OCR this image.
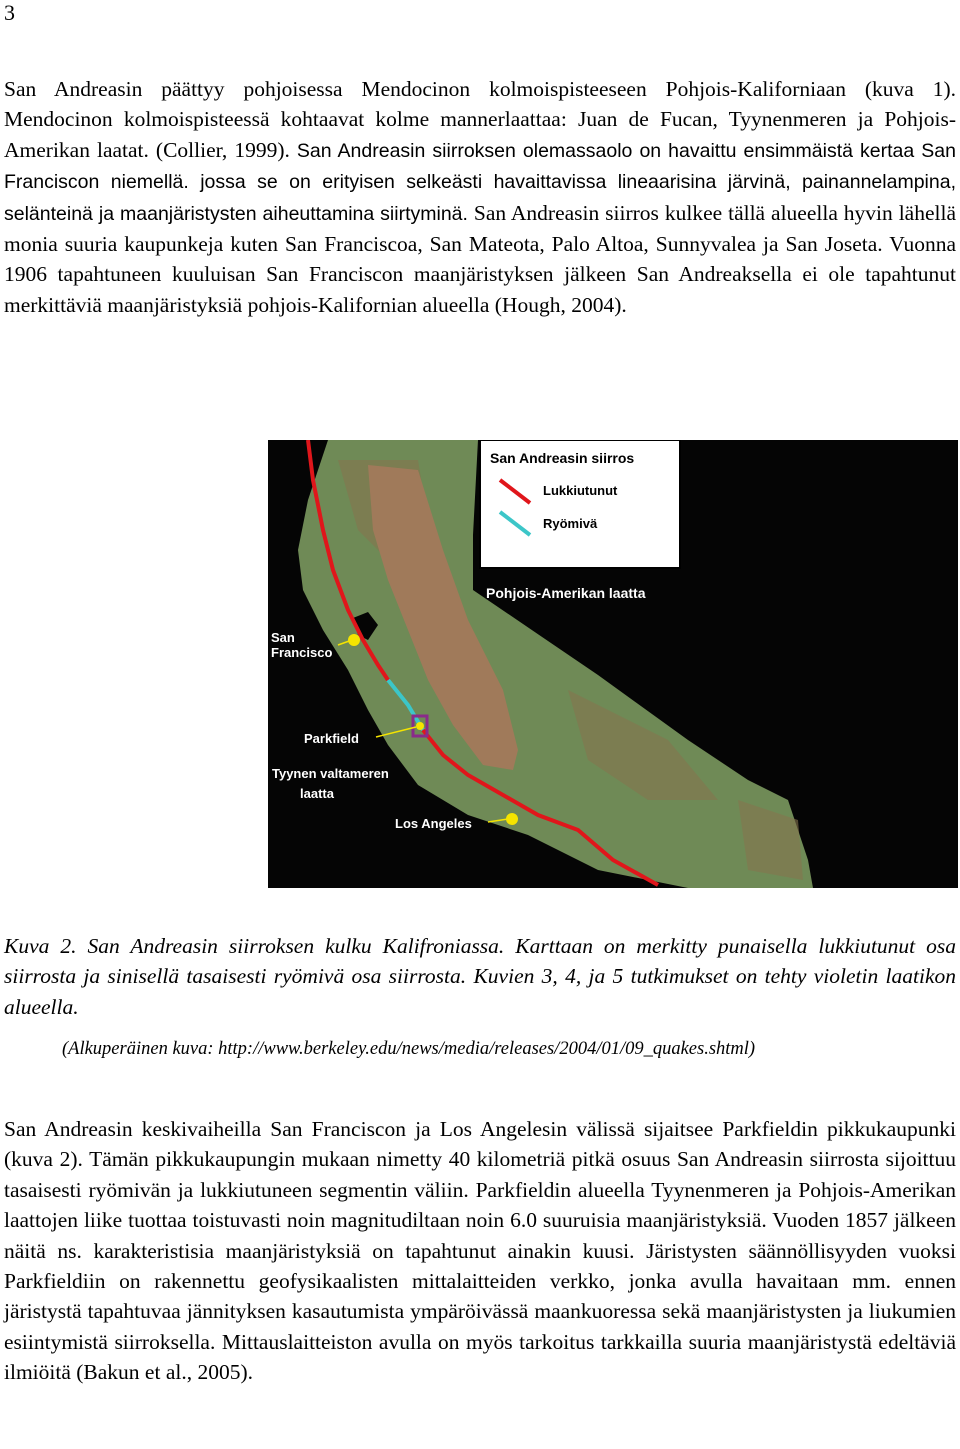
3

San Andreasin päättyy pohjoisessa Mendocinon kolmoispisteeseen Pohjois-Kaliforniaan (kuva 1). Mendocinon kolmoispisteessä kohtaavat kolme mannerlaattaa: Juan de Fucan, Tyynenmeren ja Pohjois-Amerikan laatat. (Collier, 1999). San Andreasin siirroksen olemassaolo on havaittu ensimmäistä kertaa San Franciscon niemellä. jossa se on erityisen selkeästi havaittavissa lineaarisina järvinä, painannelampina, selänteinä ja maanjäristysten aiheuttamina siirtyminä. San Andreasin siirros kulkee tällä alueella hyvin lähellä monia suuria kaupunkeja kuten San Franciscoa, San Mateota, Palo Altoa, Sunnyvalea ja San Joseta. Vuonna 1906 tapahtuneen kuuluisan San Franciscon maanjäristyksen jälkeen San Andreaksella ei ole tapahtunut merkittäviä maanjäristyksiä pohjois-Kalifornian alueella (Hough, 2004).

San Andreasin siirros
Lukkiutunut
Ryömivä
Pohjois-Amerikan laatta
San
Francisco
Parkfield
Tyynen valtameren
laatta
Los Angeles

Kuva 2. San Andreasin siirroksen kulku Kalifroniassa. Karttaan on merkitty punaisella lukkiutunut osa siirrosta ja sinisellä tasaisesti ryömivä osa siirrosta. Kuvien 3, 4, ja 5 tutkimukset on tehty violetin laatikon alueella.

(Alkuperäinen kuva: http://www.berkeley.edu/news/media/releases/2004/01/09_quakes.shtml)

San Andreasin keskivaiheilla San Franciscon ja Los Angelesin välissä sijaitsee Parkfieldin pikkukaupunki (kuva 2). Tämän pikkukaupungin mukaan nimetty 40 kilometriä pitkä osuus San Andreasin siirrosta sijoittuu tasaisesti ryömivän ja lukkiutuneen segmentin väliin. Parkfieldin alueella Tyynenmeren ja Pohjois-Amerikan laattojen liike tuottaa toistuvasti noin magnitudiltaan noin 6.0 suuruisia maanjäristyksiä. Vuoden 1857 jälkeen näitä ns. karakteristisia maanjäristyksiä on tapahtunut ainakin kuusi. Järistysten säännöllisyyden vuoksi Parkfieldiin on rakennettu geofysikaalisten mittalaitteiden verkko, jonka avulla havaitaan mm. ennen järistystä tapahtuvaa jännityksen kasautumista ympäröivässä maankuoressa sekä maanjäristysten ja liukumien esiintymistä siirroksella. Mittauslaitteiston avulla on myös tarkoitus tarkkailla suuria maanjäristystä edeltäviä ilmiöitä (Bakun et al., 2005).
